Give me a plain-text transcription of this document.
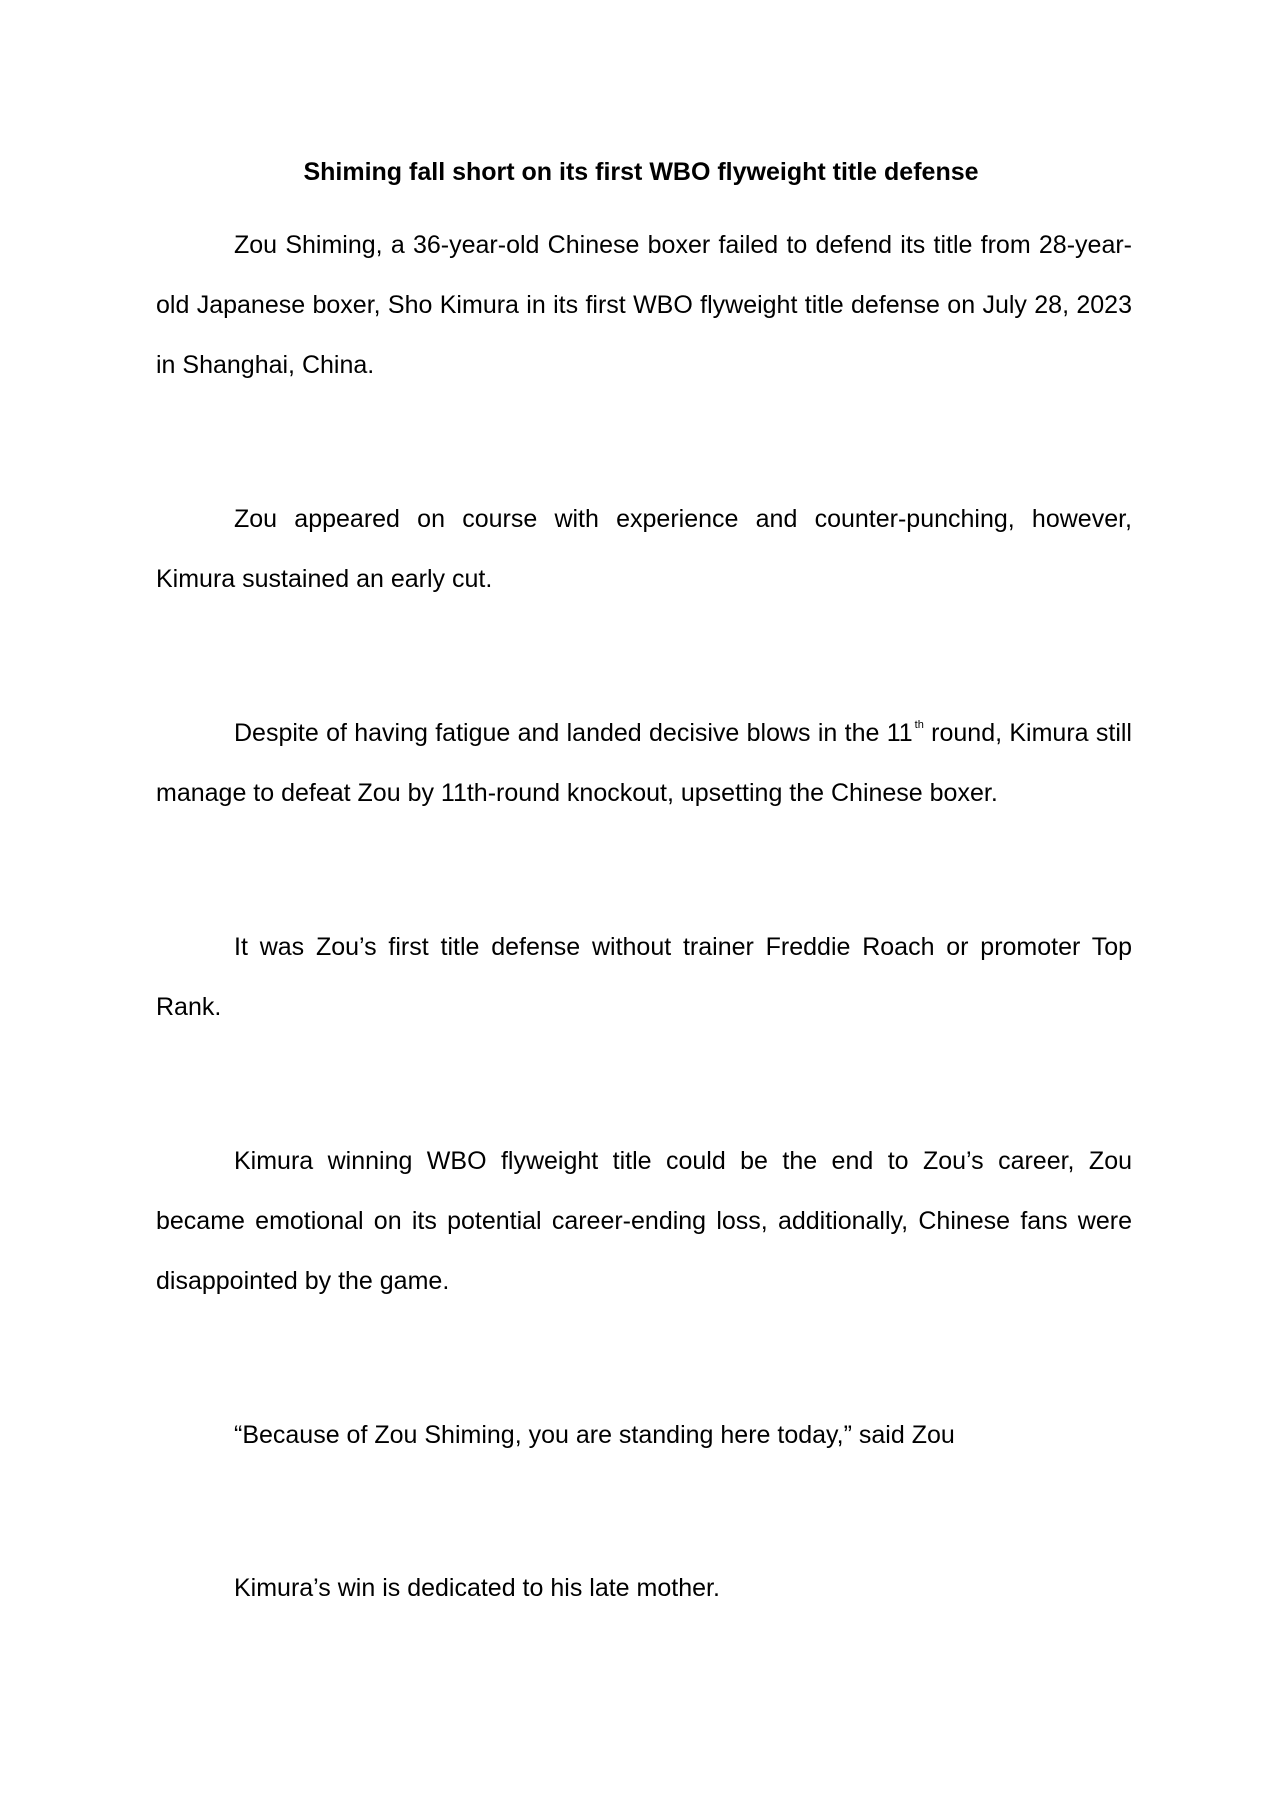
Shiming fall short on its first WBO flyweight title defense

Zou Shiming, a 36-year-old Chinese boxer failed to defend its title from 28-year-old Japanese boxer, Sho Kimura in its first WBO flyweight title defense on July 28, 2023 in Shanghai, China.

Zou appeared on course with experience and counter-punching, however, Kimura sustained an early cut.

Despite of having fatigue and landed decisive blows in the 11 $^{th}$ round, Kimura still manage to defeat Zou by 11th-round knockout, upsetting the Chinese boxer.

It was Zou’s first title defense without trainer Freddie Roach or promoter Top Rank.

Kimura winning WBO flyweight title could be the end to Zou’s career, Zou became emotional on its potential career-ending loss, additionally, Chinese fans were disappointed by the game.

“Because of Zou Shiming, you are standing here today,” said Zou

Kimura’s win is dedicated to his late mother.
